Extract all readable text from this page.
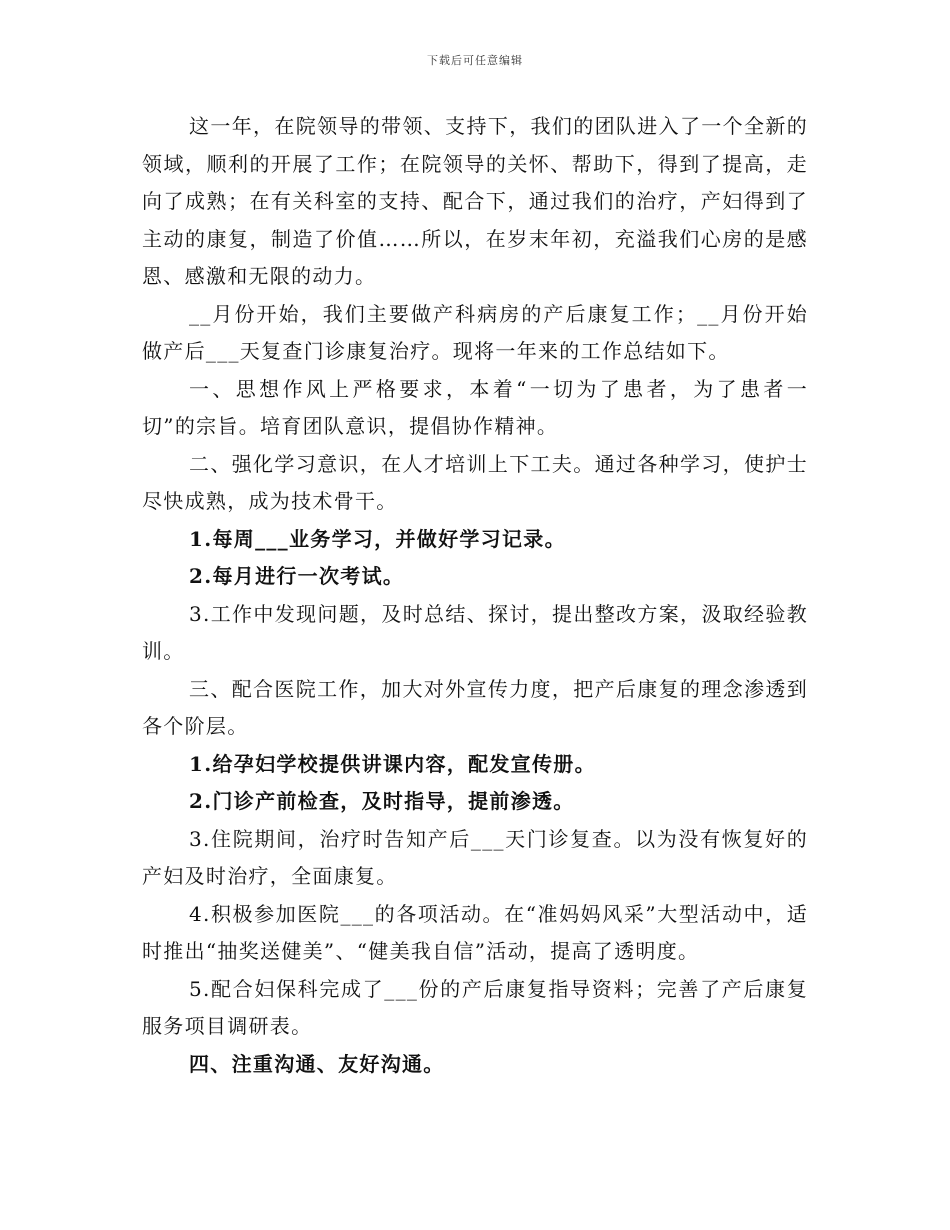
下载后可任意编辑

这一年，在院领导的带领、支持下，我们的团队进入了一个全新的领域，顺利的开展了工作；在院领导的关怀、帮助下，得到了提高，走向了成熟；在有关科室的支持、配合下，通过我们的治疗，产妇得到了主动的康复，制造了价值……所以，在岁末年初，充溢我们心房的是感恩、感激和无限的动力。

__月份开始，我们主要做产科病房的产后康复工作；__月份开始做产后___天复查门诊康复治疗。现将一年来的工作总结如下。

一、思想作风上严格要求，本着“一切为了患者，为了患者一切”的宗旨。培育团队意识，提倡协作精神。

二、强化学习意识，在人才培训上下工夫。通过各种学习，使护士尽快成熟，成为技术骨干。

1.每周___业务学习，并做好学习记录。

2.每月进行一次考试。

3.工作中发现问题，及时总结、探讨，提出整改方案，汲取经验教训。

三、配合医院工作，加大对外宣传力度，把产后康复的理念渗透到各个阶层。

1.给孕妇学校提供讲课内容，配发宣传册。

2.门诊产前检查，及时指导，提前渗透。

3.住院期间，治疗时告知产后___天门诊复查。以为没有恢复好的产妇及时治疗，全面康复。

4.积极参加医院___的各项活动。在“准妈妈风采”大型活动中，适时推出“抽奖送健美”、“健美我自信”活动，提高了透明度。

5.配合妇保科完成了___份的产后康复指导资料；完善了产后康复服务项目调研表。

四、注重沟通、友好沟通。
